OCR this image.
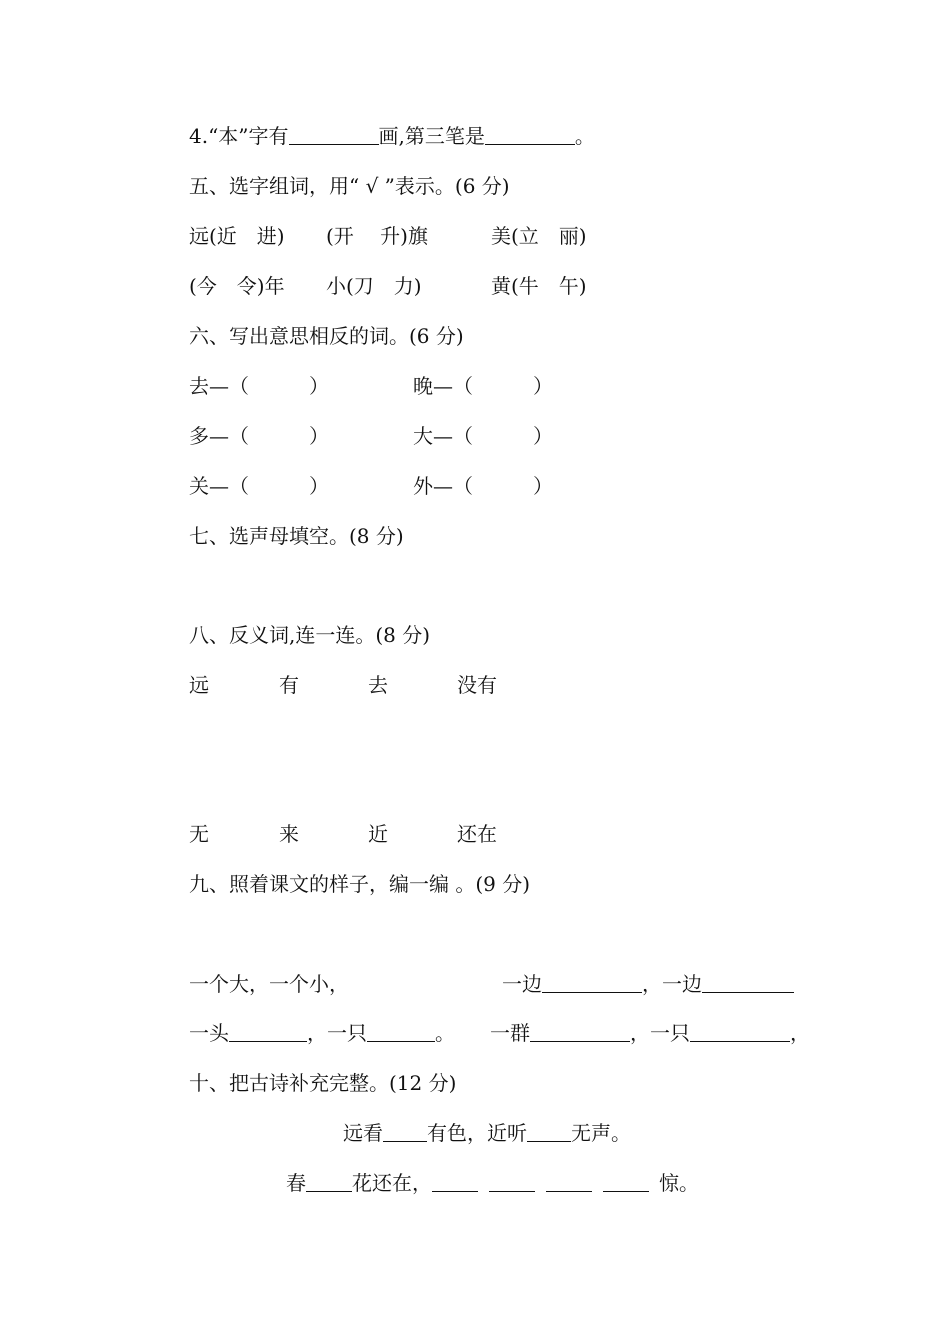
4.“本”字有	画,第三笔是	。
五、选字组词，用“ √ ”表示。(6 分)
远(近　进) (开　 升)旗	美(立　丽)
(今　令)年 小(刀　力)	黄(牛　午)
六、写出意思相反的词。(6 分)
去—（　　　）	晚—（　　　）
多—（　　　）	大—（　　　）
关—（　　　）	外—（　　　）
七、选声母填空。(8 分)
八、反义词,连一连。(8 分)
远	有	去	没有
无	来	近	还在
九、照着课文的样子，编一编 。(9 分)
一个大，一个小，	一边	，一边
一头	，一只	。 一群	，一只	，
十、把古诗补充完整。(12 分)
远看 有色，近听 无声。
春 花还在，	惊。
